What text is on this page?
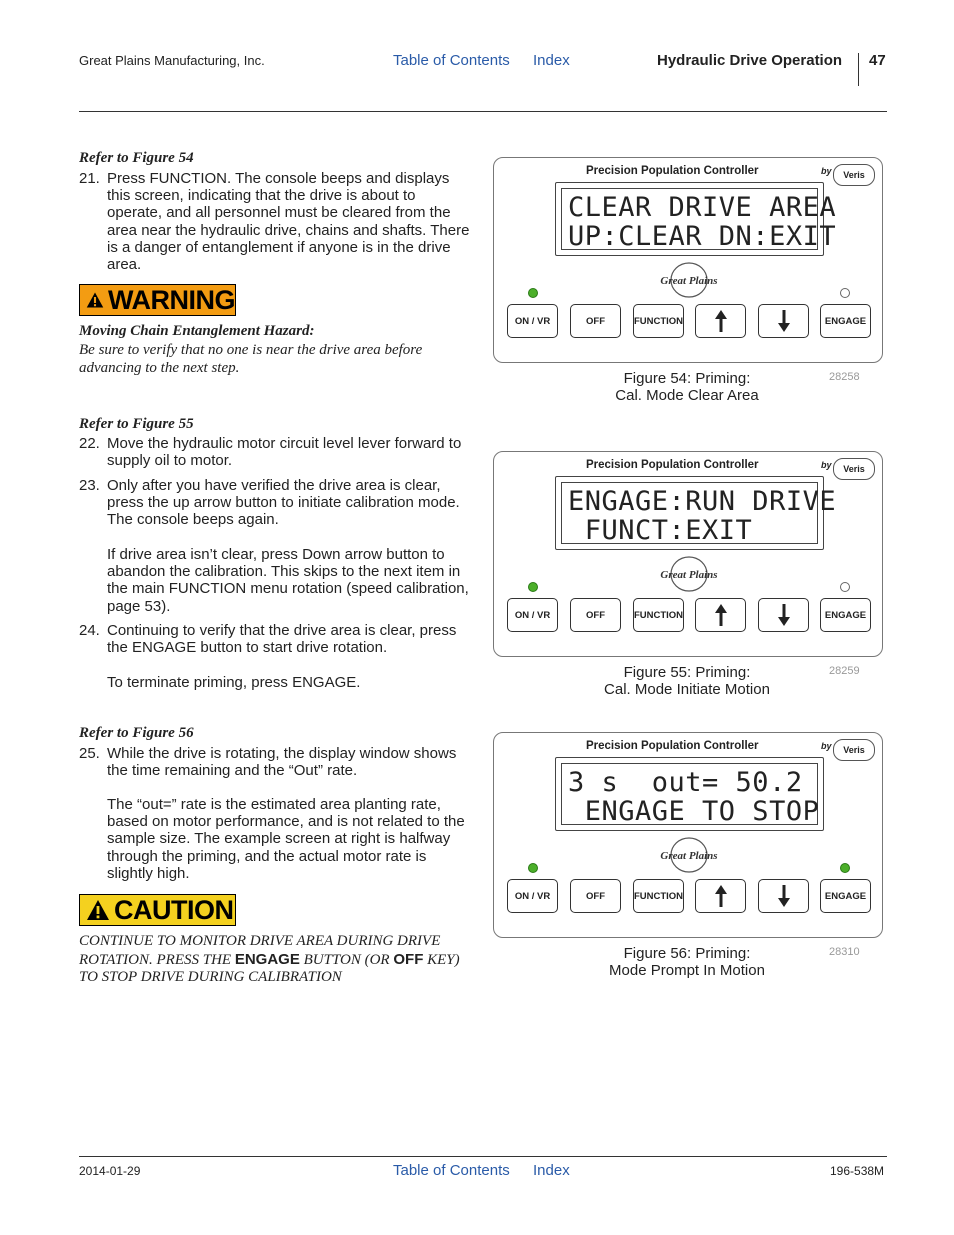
Great Plains Manufacturing, Inc.	Table of Contents Index	Hydraulic Drive Operation 47
Refer to Figure 54
21. Press FUNCTION. The console beeps and displays this screen, indicating that the drive is about to operate, and all personnel must be cleared from the area near the hydraulic drive, chains and shafts. There is a danger of entanglement if anyone is in the drive area.
WARNING
Moving Chain Entanglement Hazard:
Be sure to verify that no one is near the drive area before advancing to the next step.
Refer to Figure 55
22. Move the hydraulic motor circuit level lever forward to supply oil to motor.
23. Only after you have verified the drive area is clear, press the up arrow button to initiate calibration mode. The console beeps again.
If drive area isn’t clear, press Down arrow button to abandon the calibration. This skips to the next item in the main FUNCTION menu rotation (speed calibration, page 53).
24. Continuing to verify that the drive area is clear, press the ENGAGE button to start drive rotation.
To terminate priming, press ENGAGE.
Refer to Figure 56
25. While the drive is rotating, the display window shows the time remaining and the “Out” rate.
The “out=” rate is the estimated area planting rate, based on motor performance, and is not related to the sample size. The example screen at right is halfway through the priming, and the actual motor rate is slightly high.
CAUTION
CONTINUE TO MONITOR DRIVE AREA DURING DRIVE ROTATION. PRESS THE ENGAGE BUTTON (OR OFF KEY) TO STOP DRIVE DURING CALIBRATION
Precision Population Controller	by	Veris
CLEAR DRIVE AREA
UP:CLEAR DN:EXIT
Great Plains
ON / VR	OFF	FUNCTION	ENGAGE
Figure 54: Priming:
Cal. Mode Clear Area
28258
Precision Population Controller	by	Veris
ENGAGE:RUN DRIVE
FUNCT:EXIT
Great Plains
ON / VR	OFF	FUNCTION	ENGAGE
Figure 55: Priming:
Cal. Mode Initiate Motion
28259
Precision Population Controller	by	Veris
3 s  out= 50.2
ENGAGE TO STOP
Great Plains
ON / VR	OFF	FUNCTION	ENGAGE
Figure 56: Priming:
Mode Prompt In Motion
28310
2014-01-29	Table of Contents Index	196-538M
